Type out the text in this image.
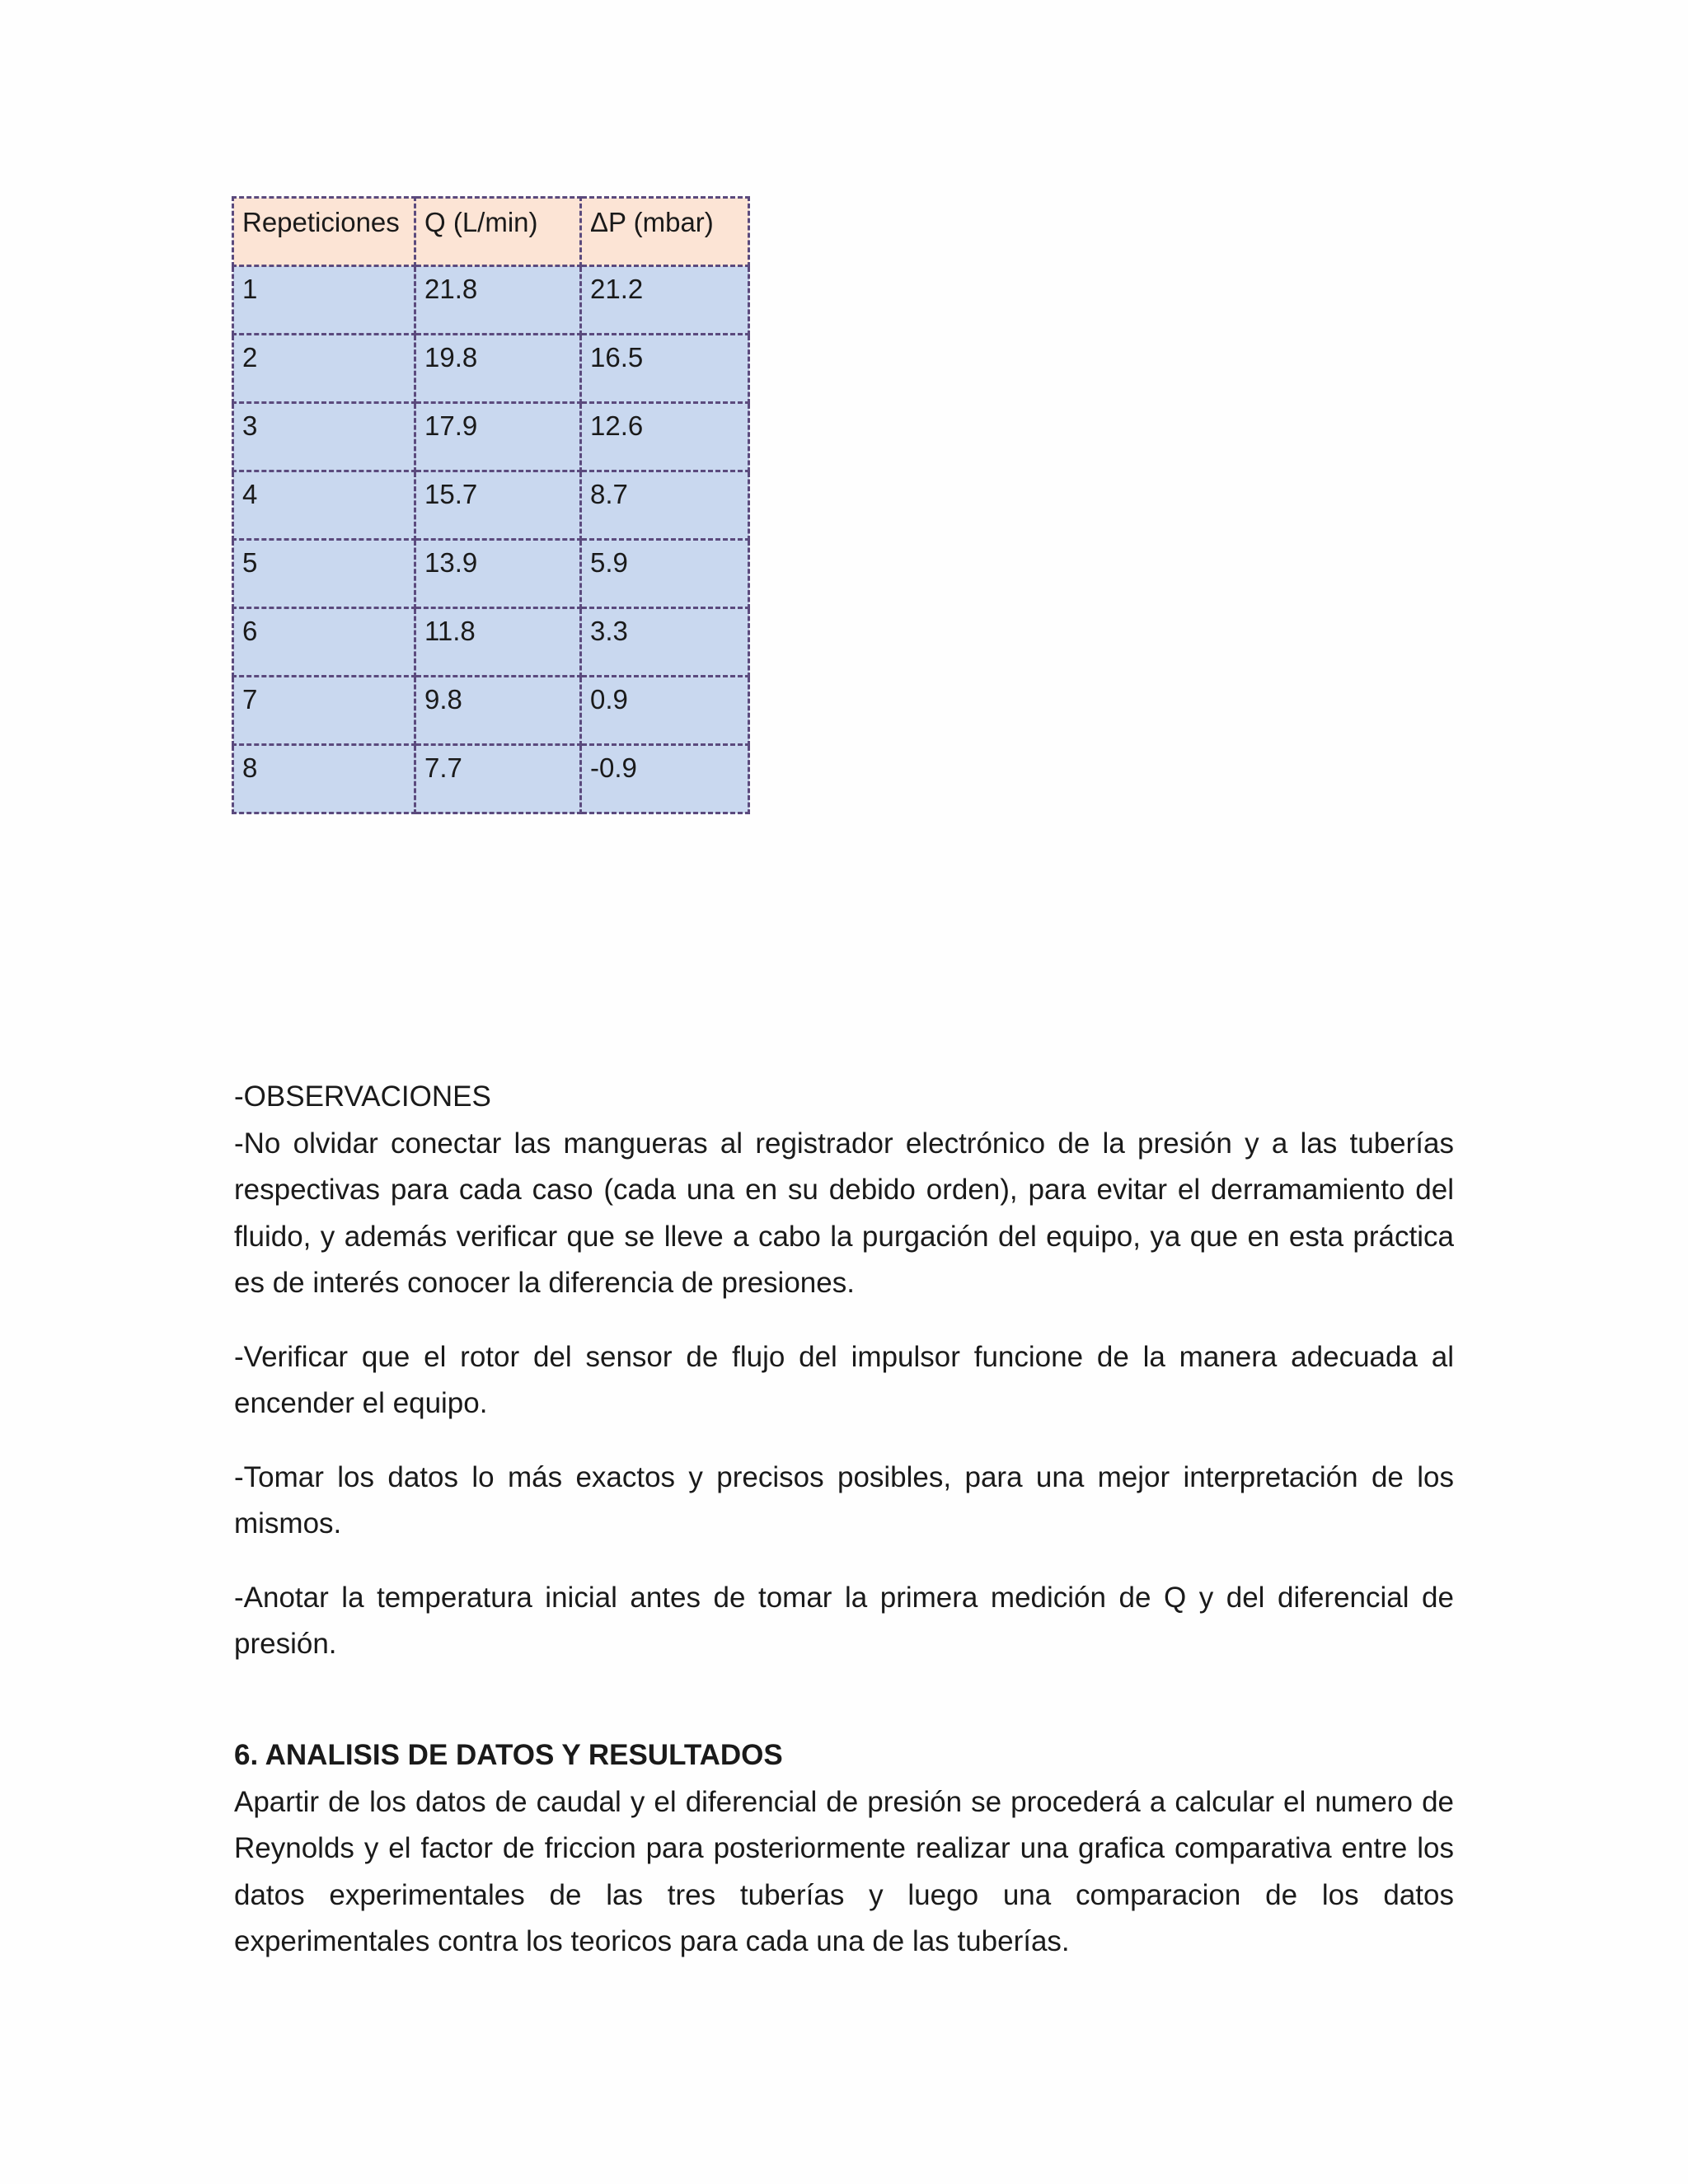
Repeticiones	Q (L/min)	ΔP (mbar)
1	21.8	21.2
2	19.8	16.5
3	17.9	12.6
4	15.7	8.7
5	13.9	5.9
6	11.8	3.3
7	9.8	0.9
8	7.7	-0.9

-OBSERVACIONES
-No olvidar conectar las mangueras al registrador electrónico de la presión y a las tuberías respectivas para cada caso (cada una en su debido orden), para evitar el derramamiento del fluido, y además verificar que se lleve a cabo la purgación del equipo, ya que en esta práctica es de interés conocer la diferencia de presiones.

-Verificar que el rotor del sensor de flujo del impulsor funcione de la manera adecuada al encender el equipo.

-Tomar los datos lo más exactos y precisos posibles, para una mejor interpretación de los mismos.

-Anotar la temperatura inicial antes de tomar la primera medición de Q y del diferencial de presión.

6. ANALISIS DE DATOS Y RESULTADOS

Apartir de los datos de caudal y el diferencial de presión se procederá a calcular el numero de Reynolds y el factor de friccion para posteriormente realizar una grafica comparativa entre los datos experimentales de las tres tuberías y luego una comparacion de los datos experimentales contra los teoricos para cada una de las tuberías.
